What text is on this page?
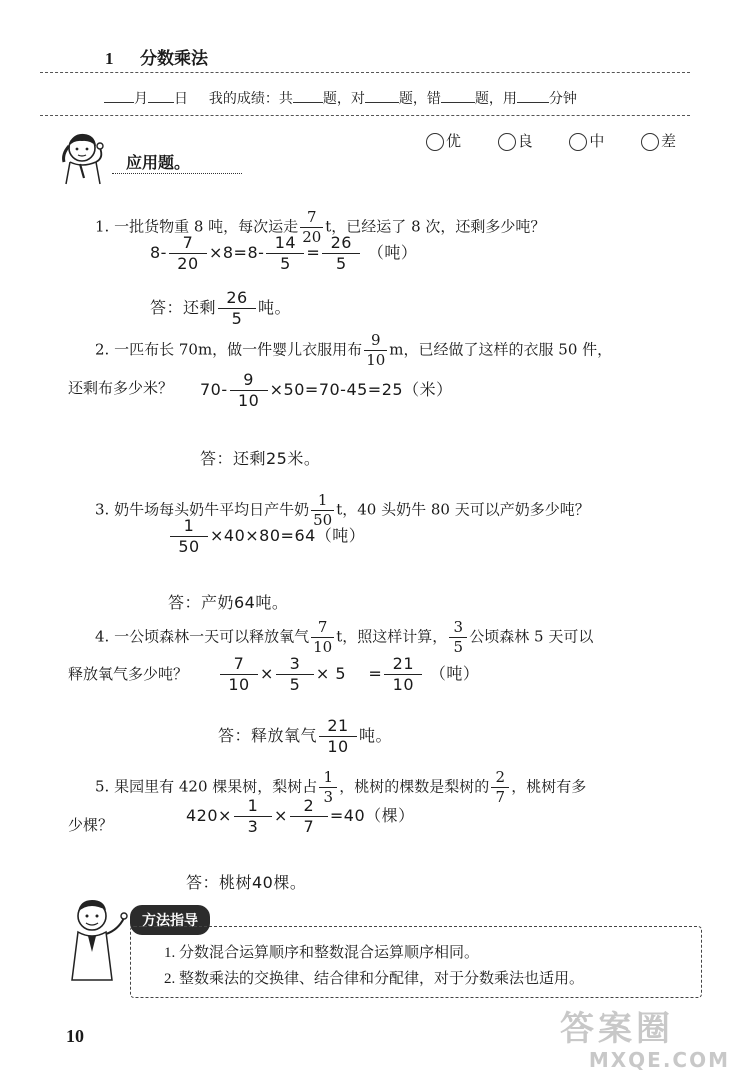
1 分数乘法
月 日 我的成绩：共 题，对 题，错 题，用 分钟
应用题。
优	良	中	差
1. 一批货物重 8 吨，每次运走 $\frac{7}{20}$ t，已经运了 8 次，还剩多少吨？
$8- \frac{7}{20} \times 8=8- \frac{14}{5} = \frac{26}{5}$ （吨）
答：还剩 $\frac{26}{5}$ 吨。
2. 一匹布长 70m，做一件婴儿衣服用布 $\frac{9}{10}$ m，已经做了这样的衣服 50 件，
还剩布多少米？ $70- \frac{9}{10} \times 50=70-45=25$（米）
答：还剩25米。
3. 奶牛场每头奶牛平均日产牛奶 $\frac{1}{50}$ t，40 头奶牛 80 天可以产奶多少吨？
$\frac{1}{50} \times 40\times 80=64$（吨）
答：产奶64吨。
4. 一公顷森林一天可以释放氧气 $\frac{7}{10}$ t，照这样计算， $\frac{3}{5}$ 公顷森林 5 天可以
释放氧气多少吨？ $\frac{7}{10} \times \frac{3}{5} \times 5 = \frac{21}{10}$ （吨）
答：释放氧气 $\frac{21}{10}$ 吨。
5. 果园里有 420 棵果树，梨树占 $\frac{1}{3}$ ，桃树的棵数是梨树的 $\frac{2}{7}$ ，桃树有多
少棵？	$420\times \frac{1}{3} \times \frac{2}{7} =40$（棵）
答：桃树40棵。
方法指导
1. 分数混合运算顺序和整数混合运算顺序相同。
2. 整数乘法的交换律、结合律和分配律，对于分数乘法也适用。
10	答案圈
MXQE.COM
